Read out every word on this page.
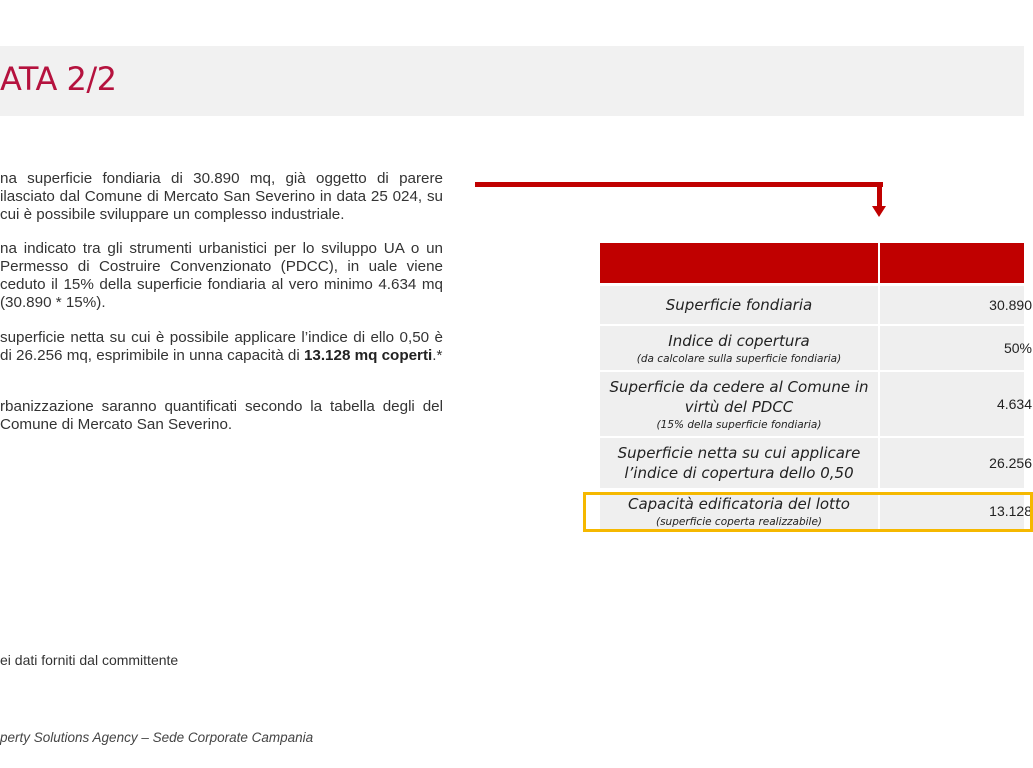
ATA 2/2

na superficie fondiaria di 30.890 mq, già oggetto di parere ilasciato dal Comune di Mercato San Severino in data 25 024, su cui è possibile sviluppare un complesso industriale.

na indicato tra gli strumenti urbanistici per lo sviluppo UA o un Permesso di Costruire Convenzionato (PDCC), in uale viene ceduto il 15% della superficie fondiaria al vero minimo 4.634 mq (30.890 * 15%).

superficie netta su cui è possibile applicare l’indice di ello 0,50 è di 26.256 mq, esprimibile in unna capacità di 13.128 mq coperti.*

rbanizzazione saranno quantificati secondo la tabella degli del Comune di Mercato San Severino.

Superficie fondiaria	30.890
Indice di copertura
(da calcolare sulla superficie fondiaria)
50%
Superficie da cedere al Comune in virtù del PDCC
(15% della superficie fondiaria)
4.634
Superficie netta su cui applicare l’indice di copertura dello 0,50
26.256
Capacità edificatoria del lotto
(superficie coperta realizzabile)
13.128
ei dati forniti dal committente
perty Solutions Agency – Sede Corporate Campania
